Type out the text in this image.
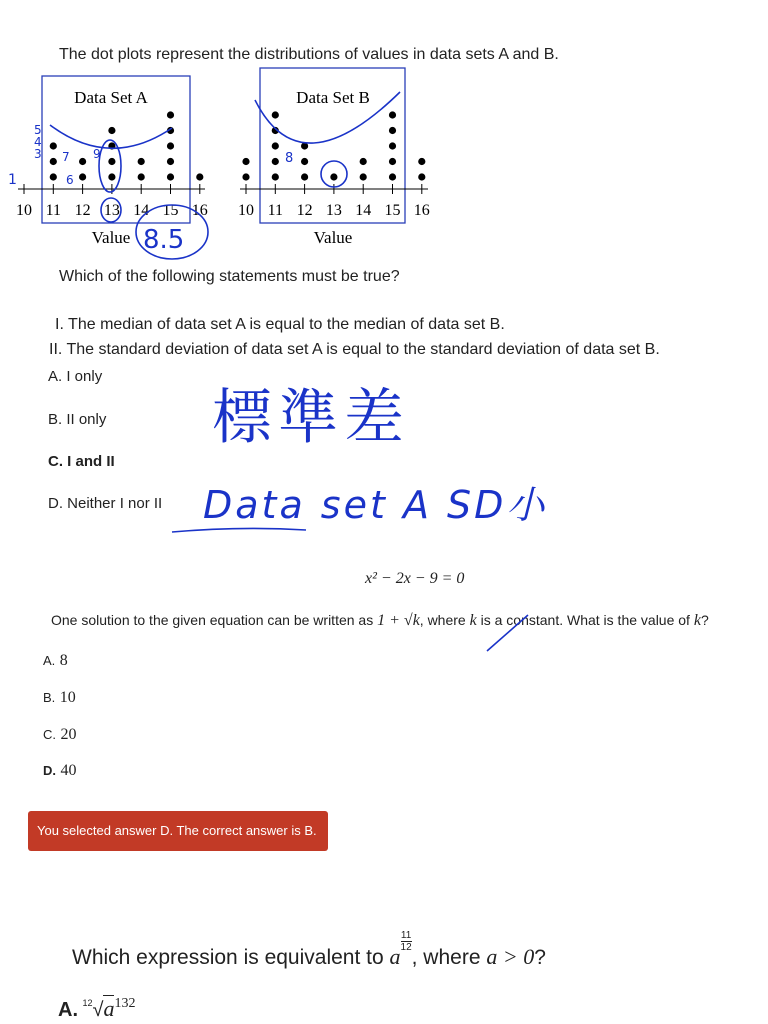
The dot plots represent the distributions of values in data sets A and B.
Data Set A
10 11 12 13 14 15 16
Value
Data Set B
10 11 12 13 14 15 16
Value
8.5
5
4
3 7
6
9	8
1
Which of the following statements must be true?
I. The median of data set A is equal to the median of data set B.
II. The standard deviation of data set A is equal to the standard deviation of data set B.
A. I only
B. II only
C. I and II
D. Neither I nor II
標準差
Data set A SD小
x² − 2x − 9 = 0
One solution to the given equation can be written as 1 + √k, where k is a constant. What is the value of k?
A. 8
B. 10
C. 20
D. 40
You selected answer D. The correct answer is B.
Which expression is equivalent to a
$\frac{11}{12}$
, where a > 0?
A. $^{12}$√a132
